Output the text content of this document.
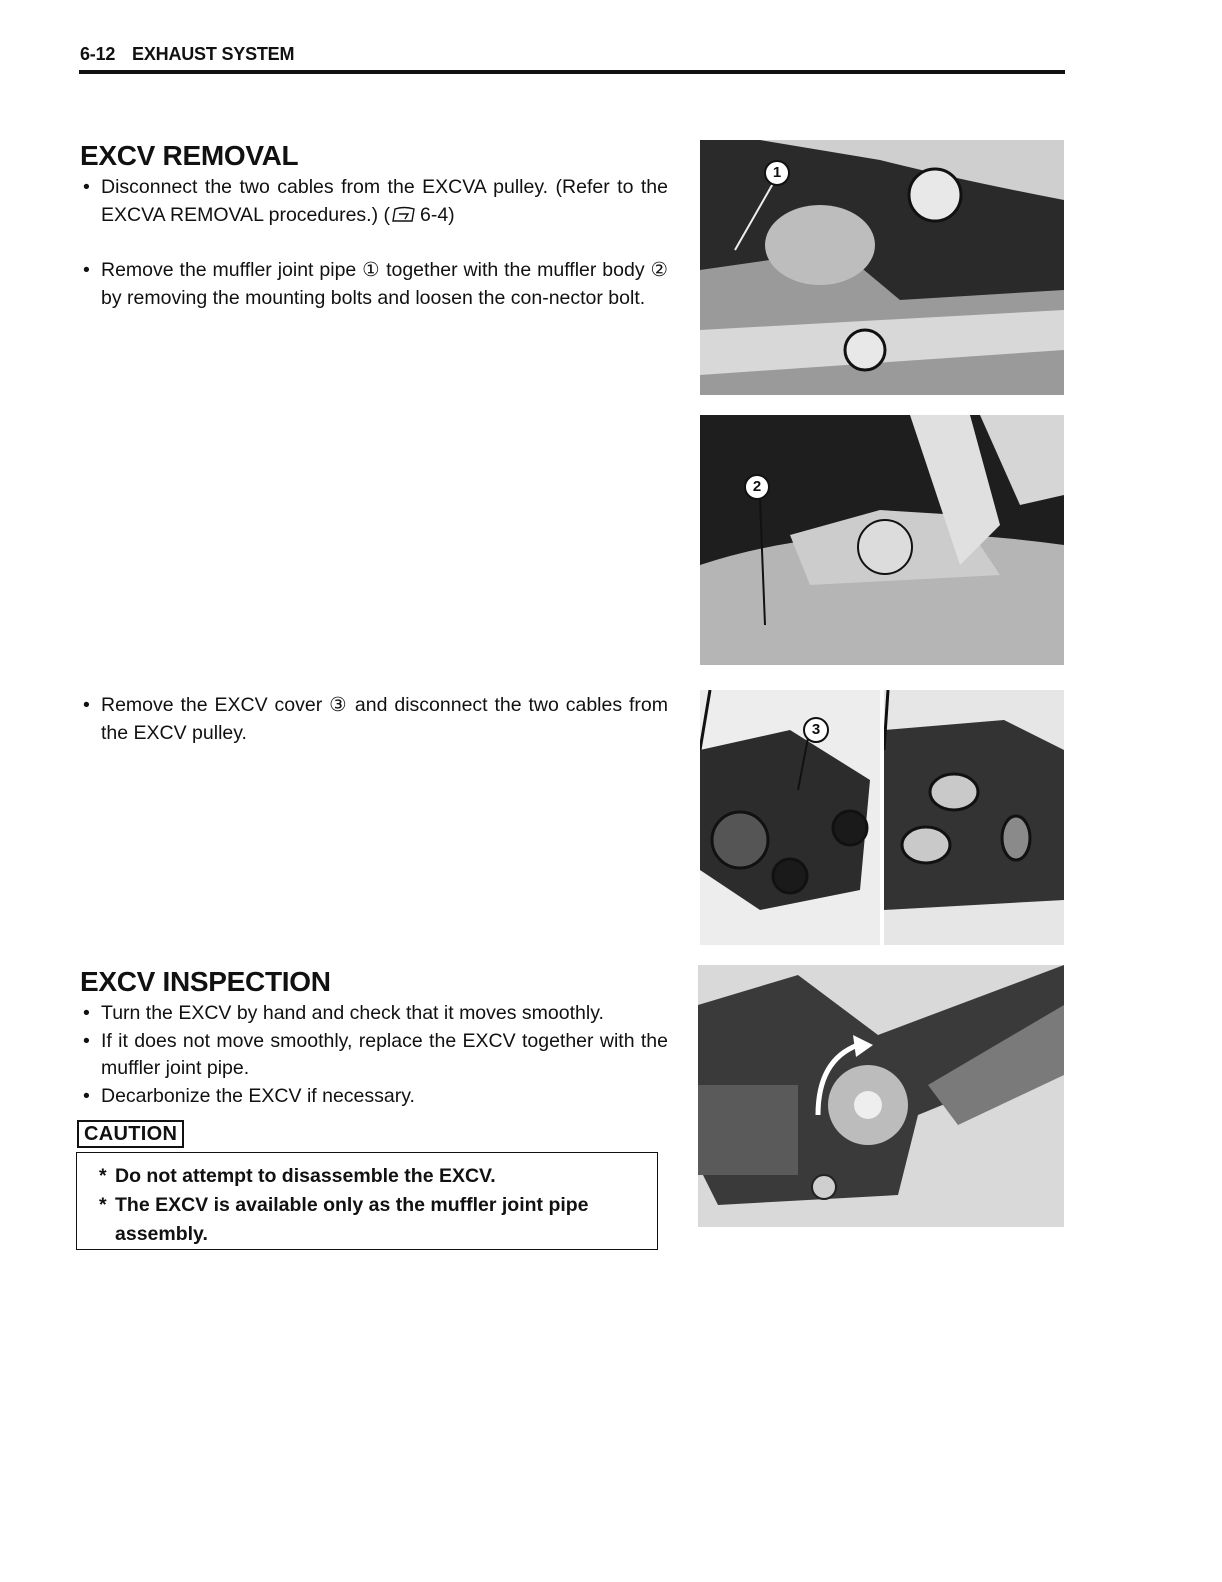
6-12 EXHAUST SYSTEM
EXCV REMOVAL
• Disconnect the two cables from the EXCVA pulley. (Refer to the EXCVA REMOVAL procedures.) ( 6-4)
• Remove the muffler joint pipe ① together with the muffler body ② by removing the mounting bolts and loosen the con-nector bolt.
• Remove the EXCV cover ③ and disconnect the two cables from the EXCV pulley.
EXCV INSPECTION
• Turn the EXCV by hand and check that it moves smoothly.
• If it does not move smoothly, replace the EXCV together with the muffler joint pipe.
• Decarbonize the EXCV if necessary.
CAUTION
* Do not attempt to disassemble the EXCV.
* The EXCV is available only as the muffler joint pipe assembly.
1
2
3
